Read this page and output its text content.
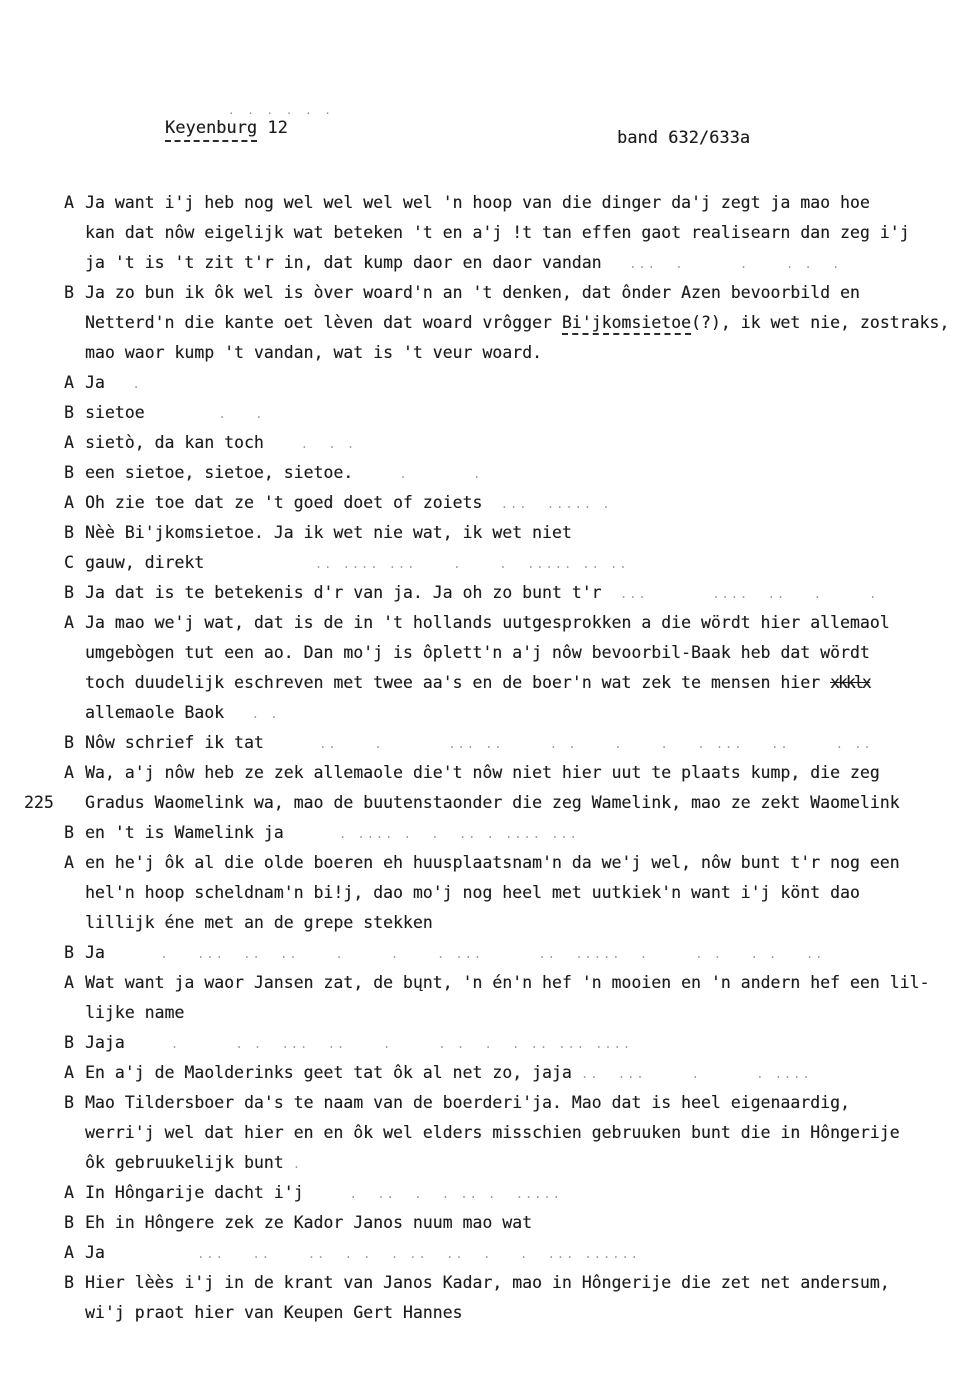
. . . . . .
Keyenburg 12	band 632/633a
A Ja want i'j heb nog wel wel wel wel 'n hoop van die dinger da'j zegt ja mao hoe
kan dat nôw eigelijk wat beteken 't en a'j !t tan effen gaot realisearn dan zeg i'j
ja 't is 't zit t'r in, dat kump daor en daor vandan   ...  .      .    . .  .
B Ja zo bun ik ôk wel is òver woard'n an 't denken, dat ônder Azen bevoorbild en
Netterd'n die kante oet lèven dat woard vrôgger Bi'jkomsietoe(?), ik wet nie, zostraks,
mao waor kump 't vandan, wat is 't veur woard.
A Ja   .
B sietoe        .   .
A sietò, da kan toch    .  . .
B een sietoe, sietoe, sietoe.     .       .
A Oh zie toe dat ze 't goed doet of zoiets  ...  ..... .
B Nèè Bi'jkomsietoe. Ja ik wet nie wat, ik wet niet
C gauw, direkt            .. .... ...    .    .  ..... .. ..
B Ja dat is te betekenis d'r van ja. Ja oh zo bunt t'r  ...       ....  ..   .     .
A Ja mao we'j wat, dat is de in 't hollands uutgesprokken a die wördt hier allemaol
umgebògen tut een ao. Dan mo'j is ôplett'n a'j nôw bevoorbil-Baak heb dat wördt
toch duudelijk eschreven met twee aa's en de boer'n wat zek te mensen hier xkklx
allemaole Baok   . .
B Nôw schrief ik tat      ..    .       ... ..     . .    .    .   . ...   ..     . ..
A Wa, a'j nôw heb ze zek allemaole die't nôw niet hier uut te plaats kump, die zeg
225 Gradus Waomelink wa, mao de buutenstaonder die zeg Wamelink, mao ze zekt Waomelink
B en 't is Wamelink ja      . .... .  .  .. . .... ...
A en he'j ôk al die olde boeren eh huusplaatsnam'n da we'j wel, nôw bunt t'r nog een
hel'n hoop scheldnam'n bi!j, dao mo'j nog heel met uutkiek'n want i'j könt dao
lillijk éne met an de grepe stekken
B Ja      .   ...  ..  ..    .     .    . ...      ..  .....  .     . .   . .   ..
A Wat want ja waor Jansen zat, de bųnt, 'n én'n hef 'n mooien en 'n andern hef een lil-
lijke name
B Jaja     .      . .  ...  ..    .     . .  .  . .. ... ....
A En a'j de Maolderinks geet tat ôk al net zo, jaja ..  ...     .      . ....
B Mao Tildersboer da's te naam van de boerderi'ja. Mao dat is heel eigenaardig,
werri'j wel dat hier en en ôk wel elders misschien gebruuken bunt die in Hôngerije
ôk gebruukelijk bunt .
A In Hôngarije dacht i'j     .  ..  .  . .. .  .....
B Eh in Hôngere zek ze Kador Janos nuum mao wat
A Ja          ...   ..    ..  . .  . ..  ..  .   .  ... ......
B Hier lèès i'j in de krant van Janos Kadar, mao in Hôngerije die zet net andersum,
wi'j praot hier van Keupen Gert Hannes
